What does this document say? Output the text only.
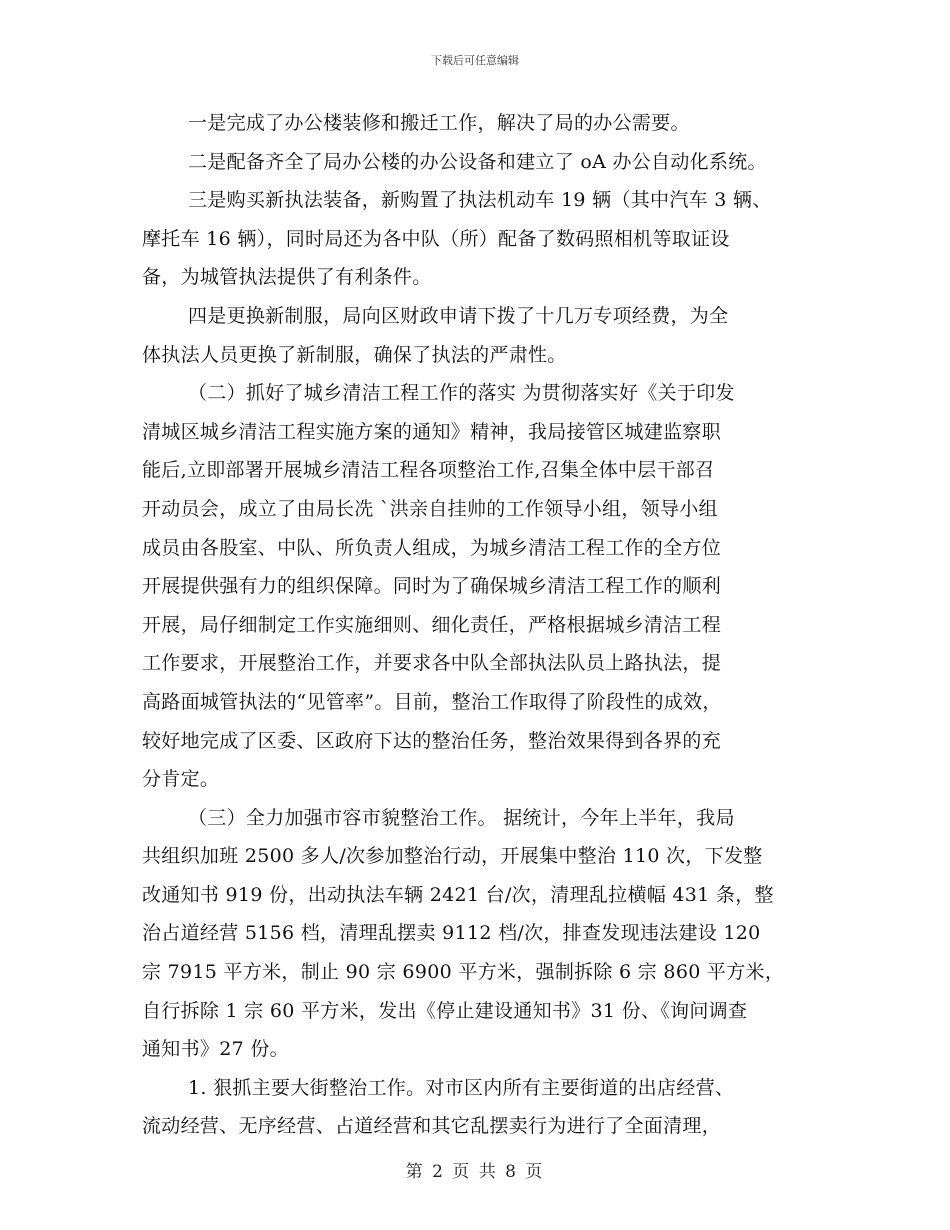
下载后可任意编辑
一是完成了办公楼装修和搬迁工作，解决了局的办公需要。
二是配备齐全了局办公楼的办公设备和建立了 oA 办公自动化系统。
三是购买新执法装备，新购置了执法机动车 19 辆（其中汽车 3 辆、
摩托车 16 辆），同时局还为各中队（所）配备了数码照相机等取证设
备，为城管执法提供了有利条件。
四是更换新制服，局向区财政申请下拨了十几万专项经费，为全
体执法人员更换了新制服，确保了执法的严肃性。
（二）抓好了城乡清洁工程工作的落实 为贯彻落实好《关于印发
清城区城乡清洁工程实施方案的通知》精神，我局接管区城建监察职
能后,立即部署开展城乡清洁工程各项整治工作,召集全体中层干部召
开动员会，成立了由局长冼 `洪亲自挂帅的工作领导小组，领导小组
成员由各股室、中队、所负责人组成，为城乡清洁工程工作的全方位
开展提供强有力的组织保障。同时为了确保城乡清洁工程工作的顺利
开展，局仔细制定工作实施细则、细化责任，严格根据城乡清洁工程
工作要求，开展整治工作，并要求各中队全部执法队员上路执法，提
高路面城管执法的“见管率”。目前，整治工作取得了阶段性的成效，
较好地完成了区委、区政府下达的整治任务，整治效果得到各界的充
分肯定。
（三）全力加强市容市貌整治工作。 据统计，今年上半年，我局
共组织加班 2500 多人/次参加整治行动，开展集中整治 110 次，下发整
改通知书 919 份，出动执法车辆 2421 台/次，清理乱拉横幅 431 条，整
治占道经营 5156 档，清理乱摆卖 9112 档/次，排查发现违法建设 120
宗 7915 平方米，制止 90 宗 6900 平方米，强制拆除 6 宗 860 平方米，
自行拆除 1 宗 60 平方米，发出《停止建设通知书》31 份、《询问调查
通知书》27 份。
1. 狠抓主要大街整治工作。对市区内所有主要街道的出店经营、
流动经营、无序经营、占道经营和其它乱摆卖行为进行了全面清理，
第 2 页 共 8 页
